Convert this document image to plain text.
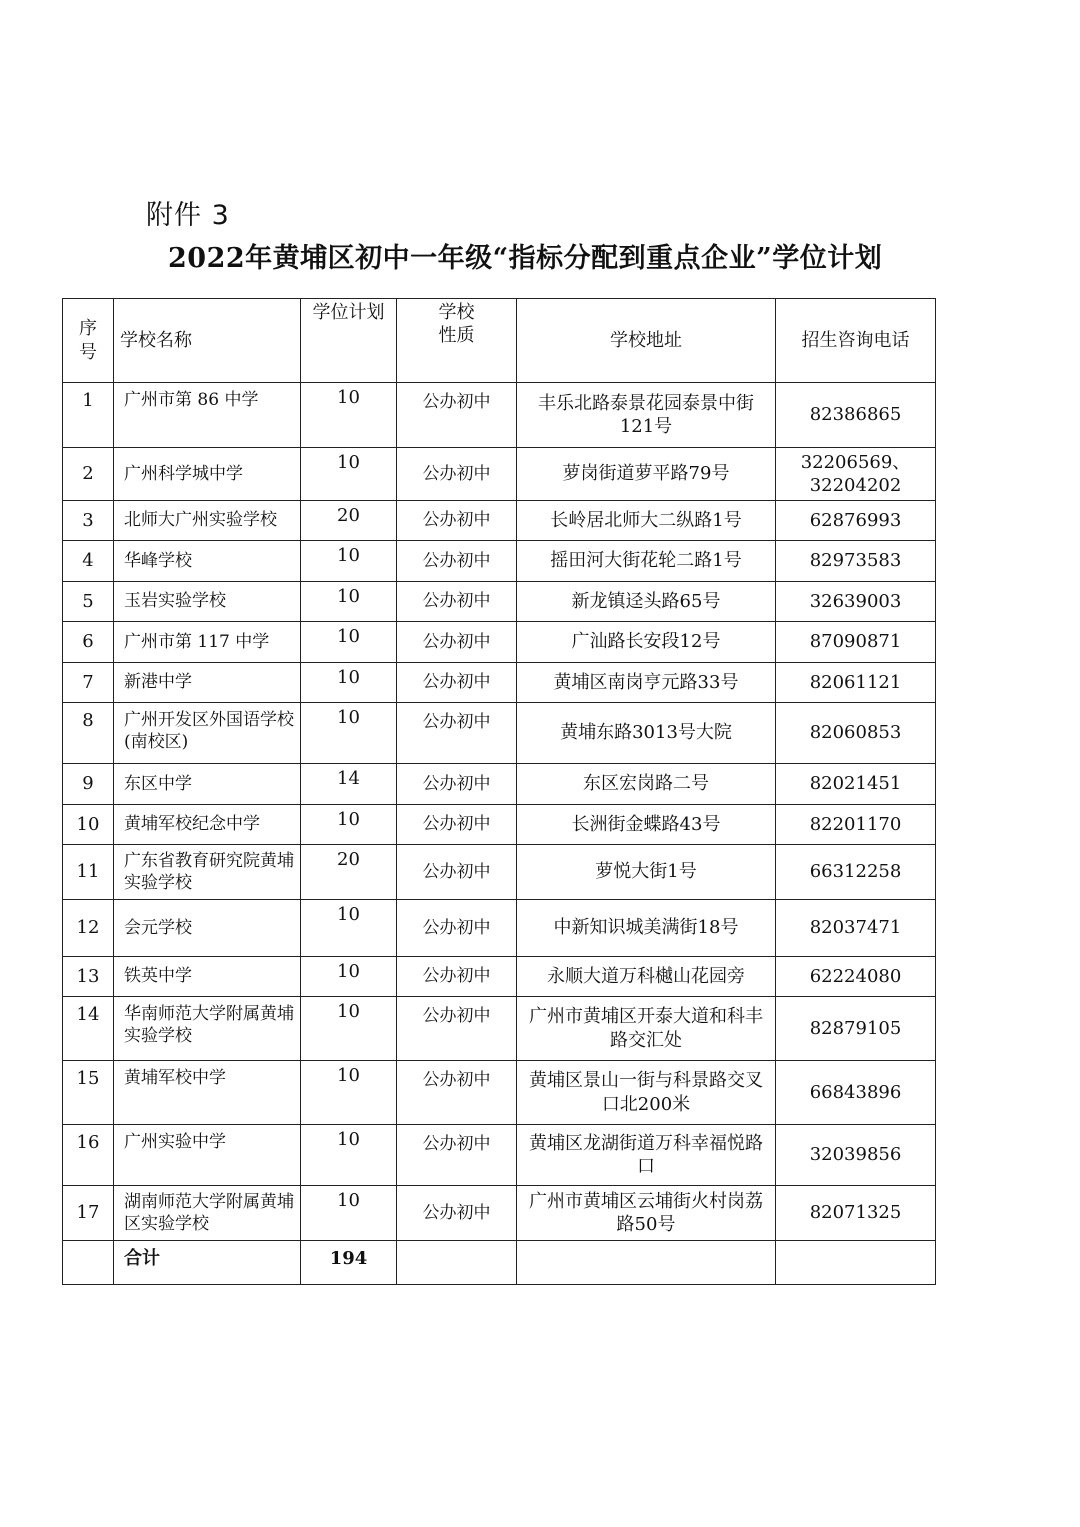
附件 3
2022年黄埔区初中一年级“指标分配到重点企业”学位计划
序号	学校名称	学位计划	学校性质	学校地址	招生咨询电话
1	广州市第 86 中学	10	公办初中	丰乐北路泰景花园泰景中街121号	82386865
2	广州科学城中学	10	公办初中	萝岗街道萝平路79号	32206569、32204202
3	北师大广州实验学校	20	公办初中	长岭居北师大二纵路1号	62876993
4	华峰学校	10	公办初中	摇田河大街花轮二路1号	82973583
5	玉岩实验学校	10	公办初中	新龙镇迳头路65号	32639003
6	广州市第 117 中学	10	公办初中	广汕路长安段12号	87090871
7	新港中学	10	公办初中	黄埔区南岗亨元路33号	82061121
8	广州开发区外国语学校(南校区)	10	公办初中	黄埔东路3013号大院	82060853
9	东区中学	14	公办初中	东区宏岗路二号	82021451
10	黄埔军校纪念中学	10	公办初中	长洲街金蝶路43号	82201170
11	广东省教育研究院黄埔实验学校	20	公办初中	萝悦大街1号	66312258
12	会元学校	10	公办初中	中新知识城美满街18号	82037471
13	铁英中学	10	公办初中	永顺大道万科樾山花园旁	62224080
14	华南师范大学附属黄埔实验学校	10	公办初中	广州市黄埔区开泰大道和科丰路交汇处	82879105
15	黄埔军校中学	10	公办初中	黄埔区景山一街与科景路交叉口北200米	66843896
16	广州实验中学	10	公办初中	黄埔区龙湖街道万科幸福悦路口	32039856
17	湖南师范大学附属黄埔区实验学校	10	公办初中	广州市黄埔区云埔街火村岗荔路50号	82071325
	合计	194			
